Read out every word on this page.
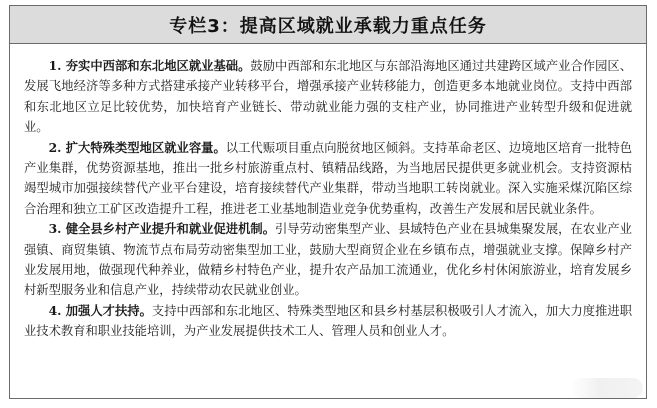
专栏3：提高区域就业承载力重点任务

1. 夯实中西部和东北地区就业基础。鼓励中西部和东北地区与东部沿海地区通过共建跨区域产业合作园区、发展飞地经济等多种方式搭建承接产业转移平台，增强承接产业转移能力，创造更多本地就业岗位。支持中西部和东北地区立足比较优势，加快培育产业链长、带动就业能力强的支柱产业，协同推进产业转型升级和促进就业。

2. 扩大特殊类型地区就业容量。以工代赈项目重点向脱贫地区倾斜。支持革命老区、边境地区培育一批特色产业集群，优势资源基地，推出一批乡村旅游重点村、镇精品线路，为当地居民提供更多就业机会。支持资源枯竭型城市加强接续替代产业平台建设，培育接续替代产业集群，带动当地职工转岗就业。深入实施采煤沉陷区综合治理和独立工矿区改造提升工程，推进老工业基地制造业竞争优势重构，改善生产发展和居民就业条件。

3. 健全县乡村产业提升和就业促进机制。引导劳动密集型产业、县域特色产业在县城集聚发展，在农业产业强镇、商贸集镇、物流节点布局劳动密集型加工业，鼓励大型商贸企业在乡镇布点，增强就业支撑。保障乡村产业发展用地，做强现代种养业，做精乡村特色产业，提升农产品加工流通业，优化乡村休闲旅游业，培育发展乡村新型服务业和信息产业，持续带动农民就业创业。

4. 加强人才扶持。支持中西部和东北地区、特殊类型地区和县乡村基层积极吸引人才流入，加大力度推进职业技术教育和职业技能培训，为产业发展提供技术工人、管理人员和创业人才。
